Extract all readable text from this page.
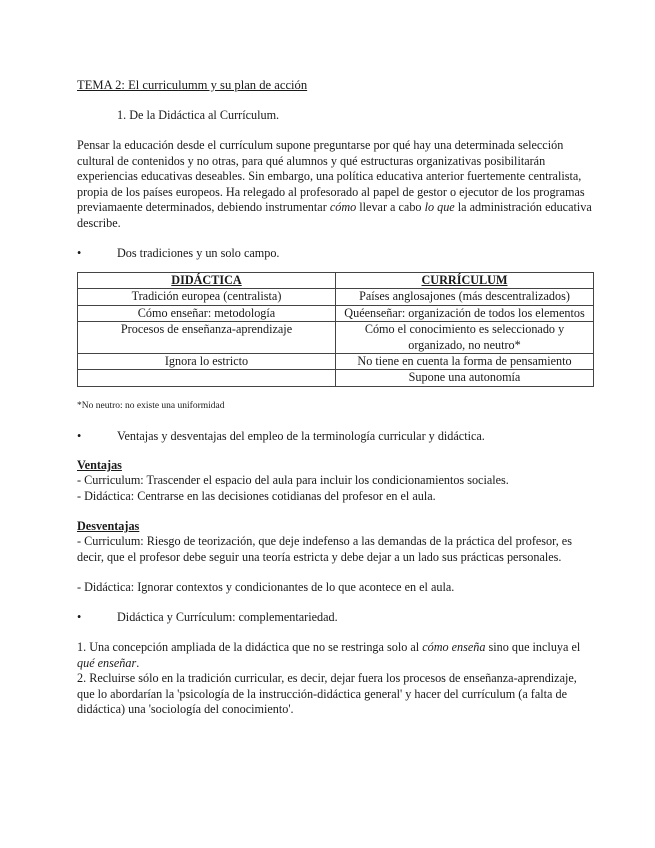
TEMA 2: El curriculumm y su plan de acción

1. De la Didáctica al Currículum.

Pensar la educación desde el currículum supone preguntarse por qué hay una determinada selección cultural de contenidos y no otras, para qué alumnos y qué estructuras organizativas posibilitarán experiencias educativas deseables. Sin embargo, una política educativa anterior fuertemente centralista, propia de los países europeos. Ha relegado al profesorado al papel de gestor o ejecutor de los programas previamaente determinados, debiendo instrumentar cómo llevar a cabo lo que la administración educativa describe.

•	Dos tradiciones y un solo campo.
DIDÁCTICA	CURRÍCULUM
Tradición europea (centralista)	Países anglosajones (más descentralizados)
Cómo enseñar: metodología	Quéenseñar: organización de todos los elementos
Procesos de enseñanza-aprendizaje	Cómo el conocimiento es seleccionado y organizado, no neutro*
Ignora lo estricto	No tiene en cuenta la forma de pensamiento
	Supone una autonomía
*No neutro: no existe una uniformidad
•	Ventajas y desventajas del empleo de la terminología curricular y didáctica.

Ventajas

- Curriculum: Trascender el espacio del aula para incluir los condicionamientos sociales.

- Didáctica: Centrarse en las decisiones cotidianas del profesor en el aula.

Desventajas

- Curriculum: Riesgo de teorización, que deje indefenso a las demandas de la práctica del profesor, es decir, que el profesor debe seguir una teoría estricta y debe dejar a un lado sus prácticas personales.

- Didáctica: Ignorar contextos y condicionantes de lo que acontece en el aula.

•	Didáctica y Currículum: complementariedad.

1. Una concepción ampliada de la didáctica que no se restringa solo al cómo enseña sino que incluya el qué enseñar.

2. Recluirse sólo en la tradición curricular, es decir, dejar fuera los procesos de enseñanza-aprendizaje, que lo abordarían la 'psicología de la instrucción-didáctica general' y hacer del currículum (a falta de didáctica) una 'sociología del conocimiento'.
